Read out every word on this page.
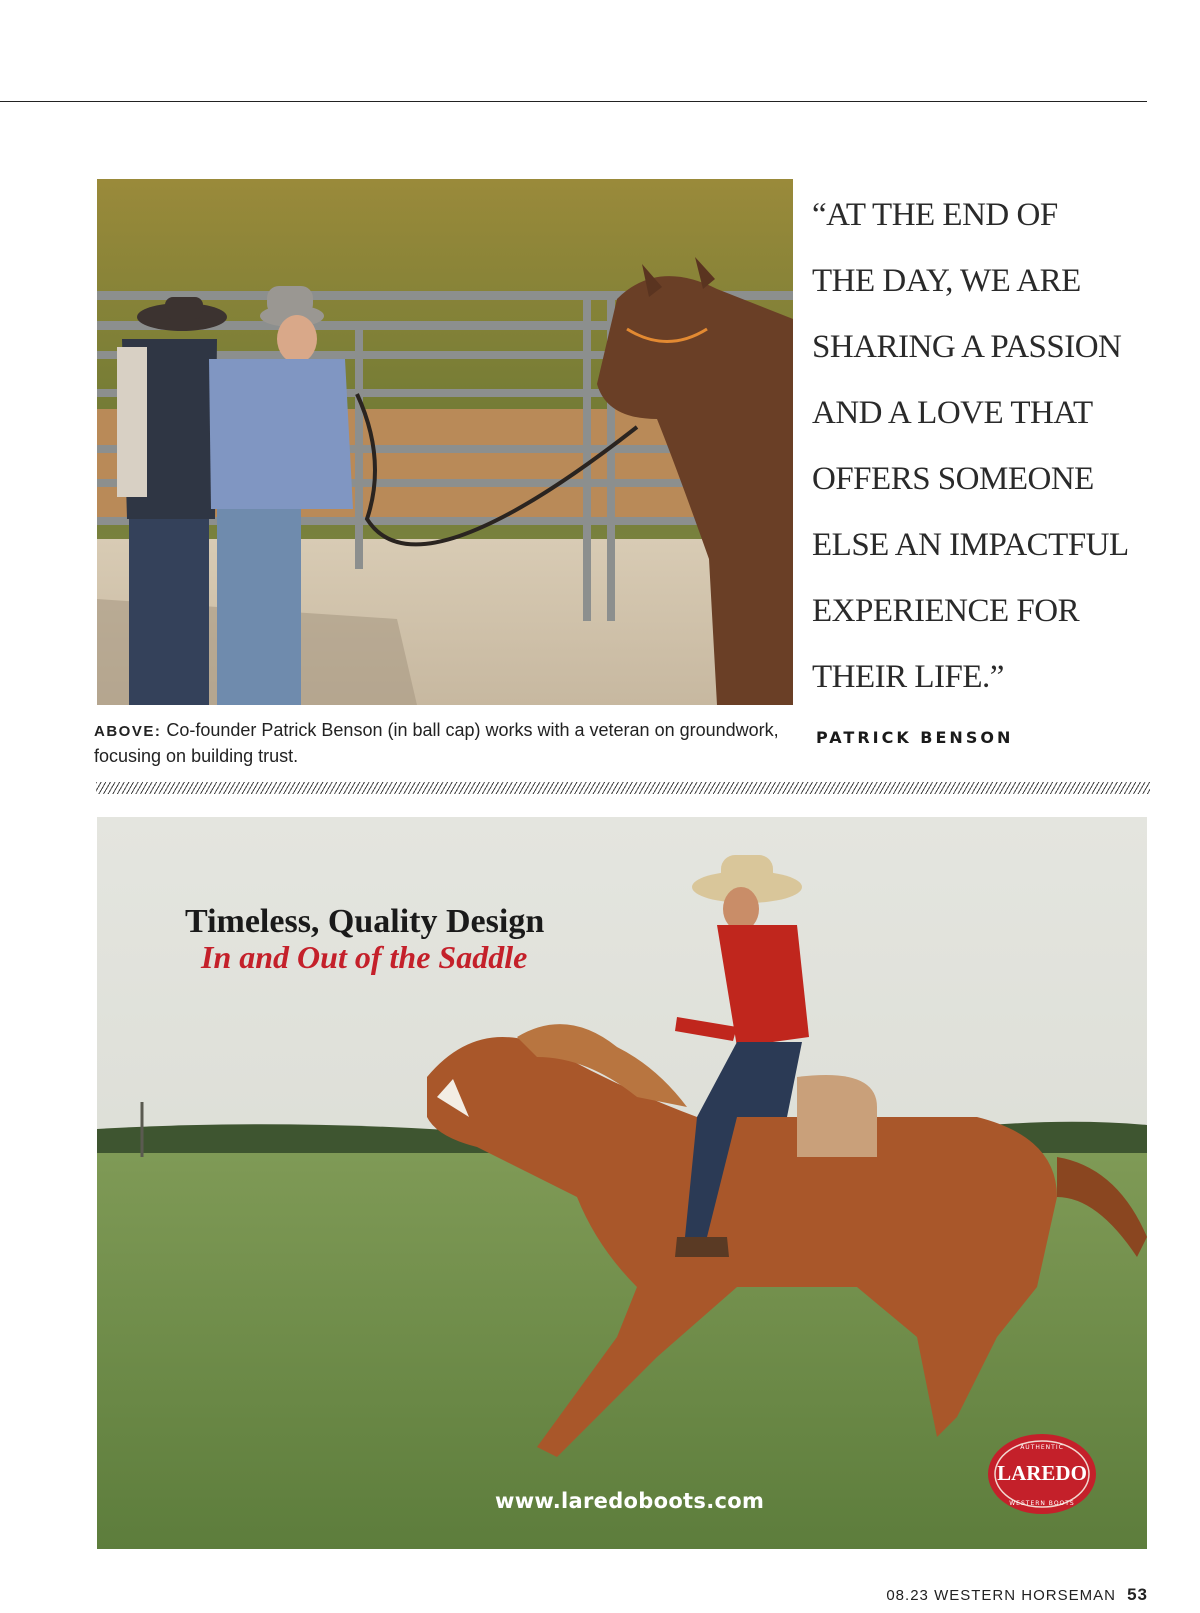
ABOVE: Co-founder Patrick Benson (in ball cap) works with a veteran on groundwork, focusing on building trust.
“AT THE END OF
THE DAY, WE ARE
SHARING A PASSION
AND A LOVE THAT
OFFERS SOMEONE
ELSE AN IMPACTFUL
EXPERIENCE FOR
THEIR LIFE.”
PATRICK BENSON
Timeless, Quality Design
In and Out of the Saddle
www.laredoboots.com
AUTHENTIC
WESTERN BOOTS
LAREDO
08.23 WESTERN HORSEMAN 53
